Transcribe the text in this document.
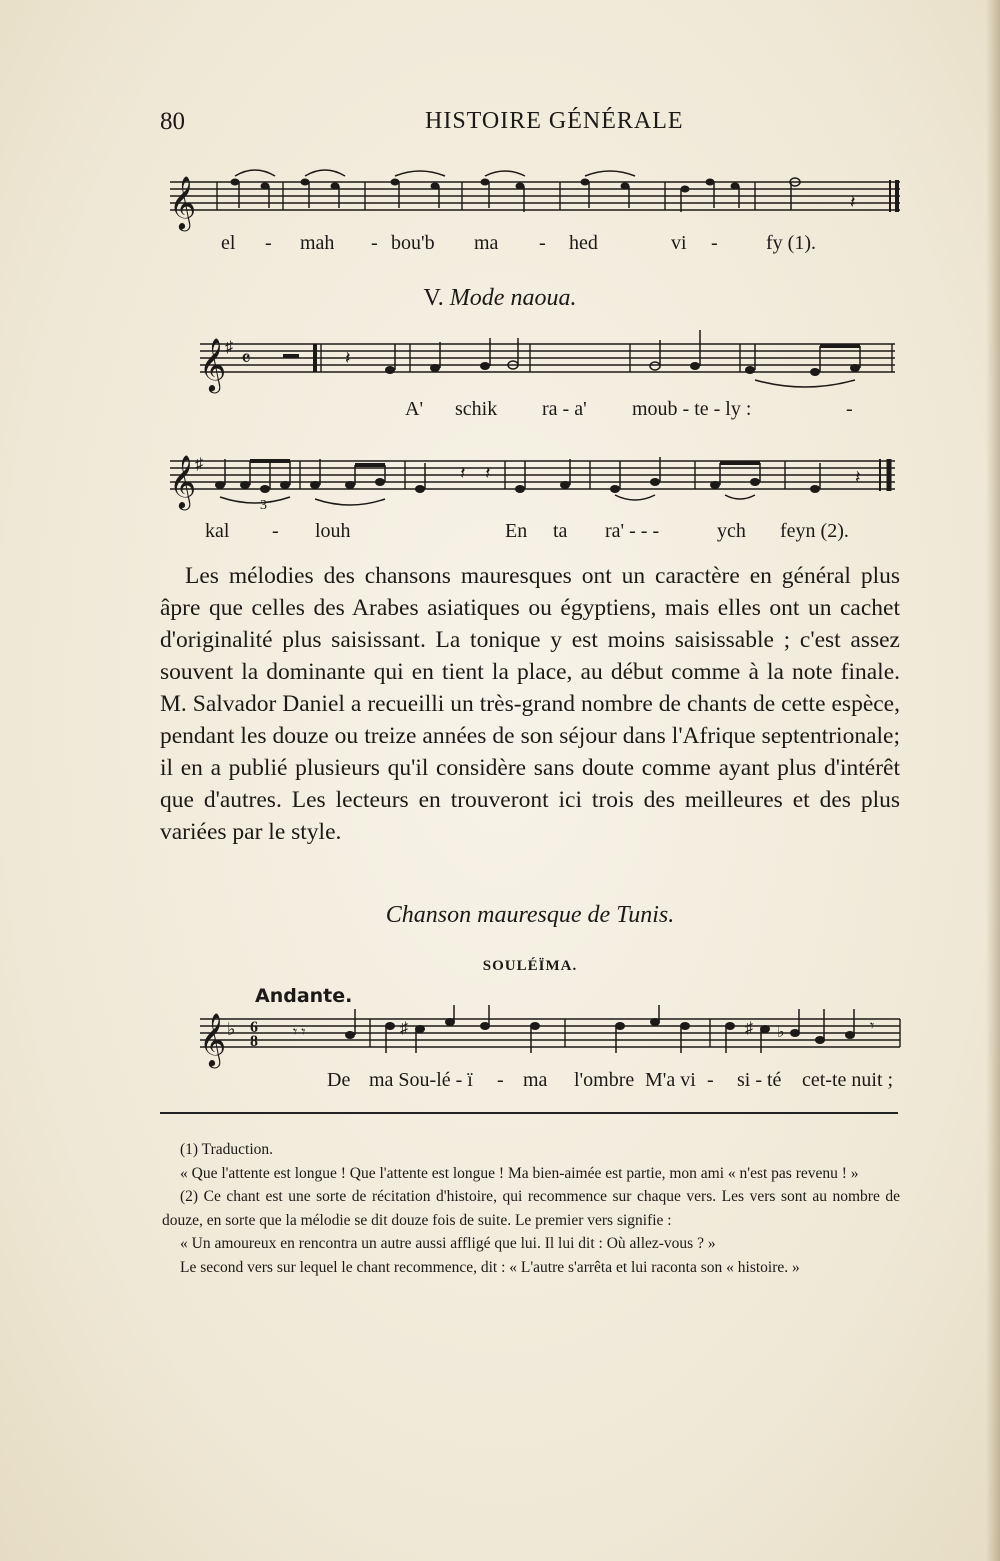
80	HISTOIRE GÉNÉRALE
𝄞	𝄽
el - mah - bou'b ma - hed	vi - fy (1).
V. Mode naoua.
𝄞
♯ 𝄴	𝄽
A' schik ra - a' moub - te - ly :	-
𝄞
♯
3
𝄽 𝄽	𝄽
kal - louh	En ta ra' - - -	ych feyn (2).

Les mélodies des chansons mauresques ont un caractère en général plus âpre que celles des Arabes asiatiques ou égyptiens, mais elles ont un cachet d'originalité plus saisissant. La tonique y est moins saisissable ; c'est assez souvent la dominante qui en tient la place, au début comme à la note finale. M. Salvador Daniel a recueilli un très-grand nombre de chants de cette espèce, pendant les douze ou treize années de son séjour dans l'Afrique septentrionale; il en a publié plusieurs qu'il considère sans doute comme ayant plus d'intérêt que d'autres. Les lecteurs en trouveront ici trois des meilleures et des plus variées par le style.

Chanson mauresque de Tunis.
SOULÉÏMA.
Andante.
𝄞 ♭ 6
8
𝄾 𝄾	♯	♯ ♭	𝄾
De ma Sou-lé - ï - ma l'ombre M'a vi - si - té cet-te nuit ;

(1) Traduction.

« Que l'attente est longue ! Que l'attente est longue ! Ma bien-aimée est partie, mon ami « n'est pas revenu ! »

(2) Ce chant est une sorte de récitation d'histoire, qui recommence sur chaque vers. Les vers sont au nombre de douze, en sorte que la mélodie se dit douze fois de suite. Le premier vers signifie :

« Un amoureux en rencontra un autre aussi affligé que lui. Il lui dit : Où allez-vous ? »

Le second vers sur lequel le chant recommence, dit : « L'autre s'arrêta et lui raconta son « histoire. »
